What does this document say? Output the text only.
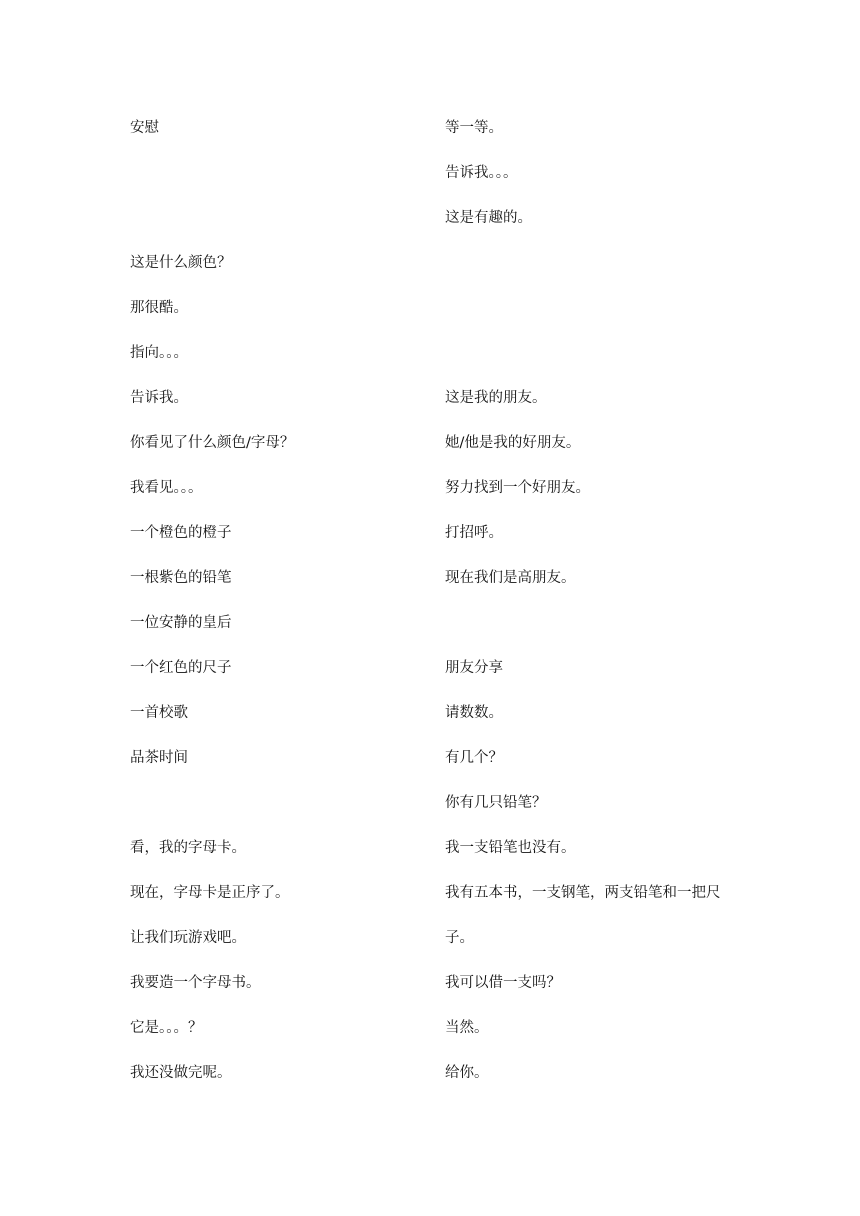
安慰
这是什么颜色？
那很酷。
指向。。。
告诉我。
你看见了什么颜色/字母？
我看见。。。
一个橙色的橙子
一根紫色的铅笔
一位安静的皇后
一个红色的尺子
一首校歌
品茶时间
看，我的字母卡。
现在，字母卡是正序了。
让我们玩游戏吧。
我要造一个字母书。
它是。。。？
我还没做完呢。
等一等。
告诉我。。。
这是有趣的。
这是我的朋友。
她/他是我的好朋友。
努力找到一个好朋友。
打招呼。
现在我们是高朋友。
朋友分享
请数数。
有几个？
你有几只铅笔？
我一支铅笔也没有。
我有五本书，一支钢笔，两支铅笔和一把尺
子。
我可以借一支吗？
当然。
给你。
